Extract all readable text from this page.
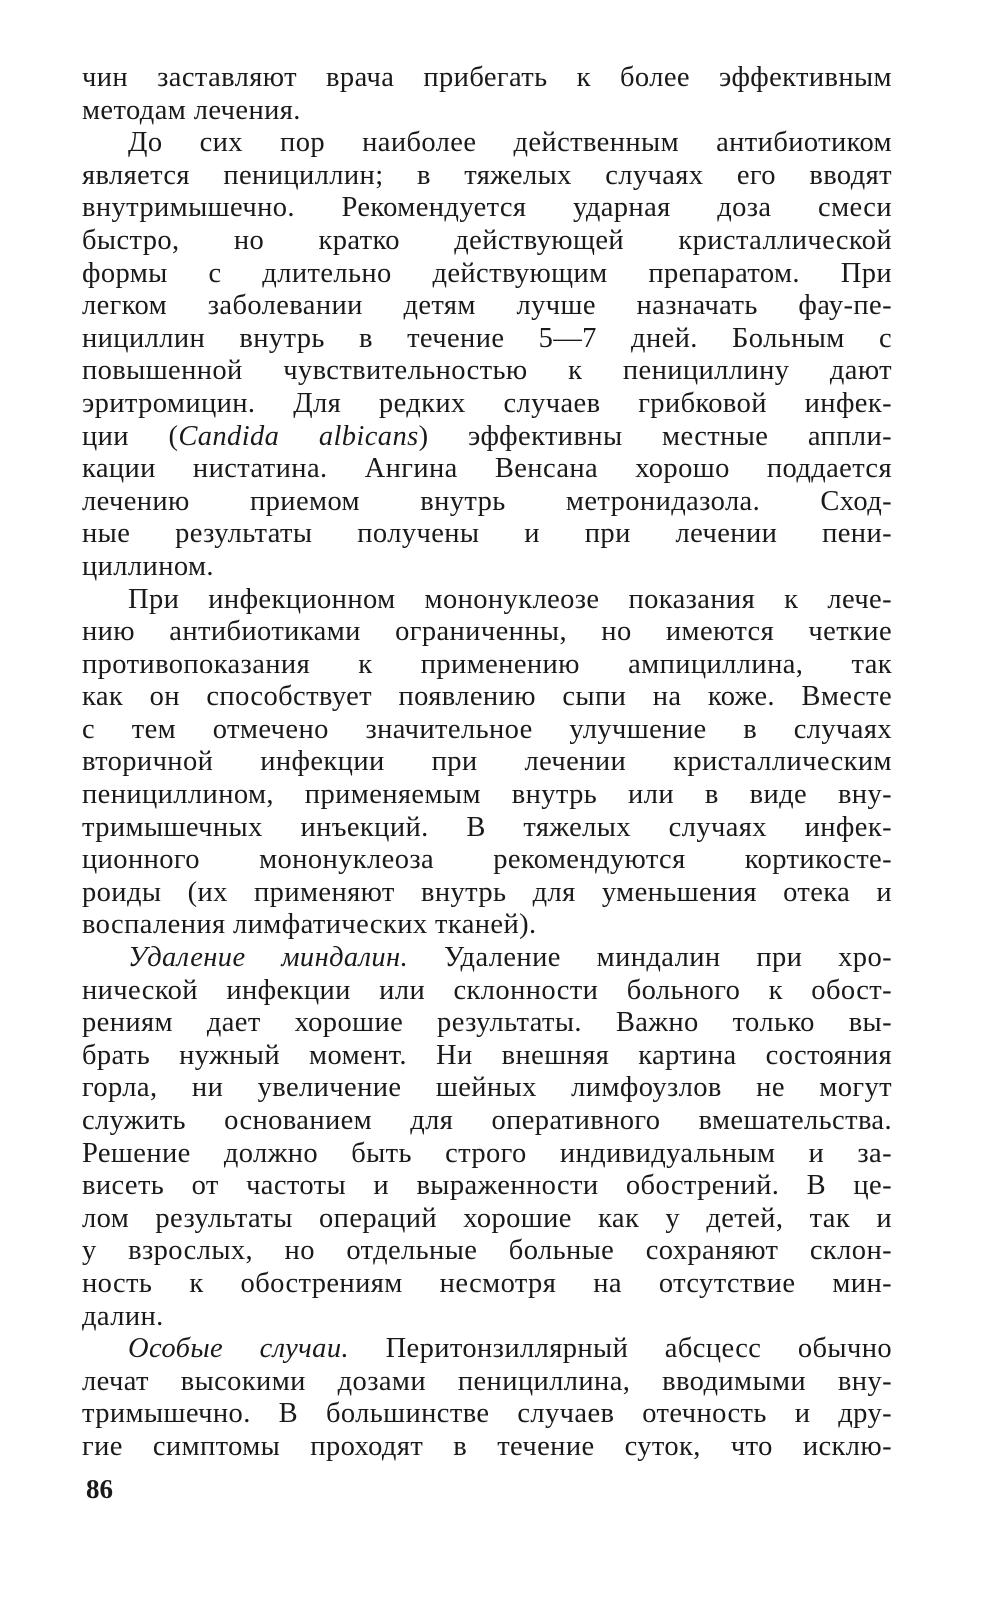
чин заставляют врача прибегать к более эффективным
методам лечения.
До сих пор наиболее действенным антибиотиком
является пенициллин; в тяжелых случаях его вводят
внутримышечно. Рекомендуется ударная доза смеси
быстро, но кратко действующей кристаллической
формы с длительно действующим препаратом. При
легком заболевании детям лучше назначать фау-пе-
нициллин внутрь в течение 5—7 дней. Больным с
повышенной чувствительностью к пенициллину дают
эритромицин. Для редких случаев грибковой инфек-
ции (Candida albicans) эффективны местные аппли-
кации нистатина. Ангина Венсана хорошо поддается
лечению приемом внутрь метронидазола. Сход-
ные результаты получены и при лечении пени-
циллином.
При инфекционном мононуклеозе показания к лече-
нию антибиотиками ограниченны, но имеются четкие
противопоказания к применению ампициллина, так
как он способствует появлению сыпи на коже. Вместе
с тем отмечено значительное улучшение в случаях
вторичной инфекции при лечении кристаллическим
пенициллином, применяемым внутрь или в виде вну-
тримышечных инъекций. В тяжелых случаях инфек-
ционного мононуклеоза рекомендуются кортикосте-
роиды (их применяют внутрь для уменьшения отека и
воспаления лимфатических тканей).
Удаление миндалин. Удаление миндалин при хро-
нической инфекции или склонности больного к обост-
рениям дает хорошие результаты. Важно только вы-
брать нужный момент. Ни внешняя картина состояния
горла, ни увеличение шейных лимфоузлов не могут
служить основанием для оперативного вмешательства.
Решение должно быть строго индивидуальным и за-
висеть от частоты и выраженности обострений. В це-
лом результаты операций хорошие как у детей, так и
у взрослых, но отдельные больные сохраняют склон-
ность к обострениям несмотря на отсутствие мин-
далин.
Особые случаи. Перитонзиллярный абсцесс обычно
лечат высокими дозами пенициллина, вводимыми вну-
тримышечно. В большинстве случаев отечность и дру-
гие симптомы проходят в течение суток, что исклю-
86
